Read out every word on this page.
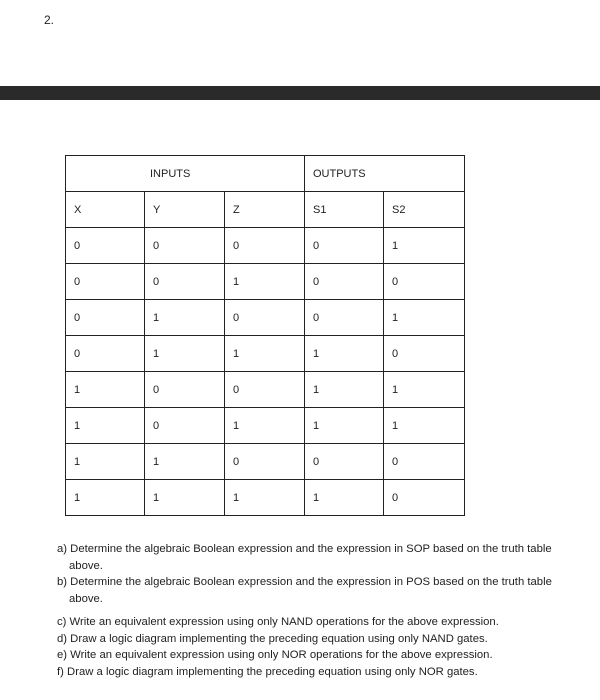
2.
INPUTS			OUTPUTS	
X	Y	Z	S1	S2
0	0	0	0	1
0	0	1	0	0
0	1	0	0	1
0	1	1	1	0
1	0	0	1	1
1	0	1	1	1
1	1	0	0	0
1	1	1	1	0

a) Determine the algebraic Boolean expression and the expression in SOP based on the truth table above.

b) Determine the algebraic Boolean expression and the expression in POS based on the truth table above.

c) Write an equivalent expression using only NAND operations for the above expression.

d) Draw a logic diagram implementing the preceding equation using only NAND gates.

e) Write an equivalent expression using only NOR operations for the above expression.

f) Draw a logic diagram implementing the preceding equation using only NOR gates.
